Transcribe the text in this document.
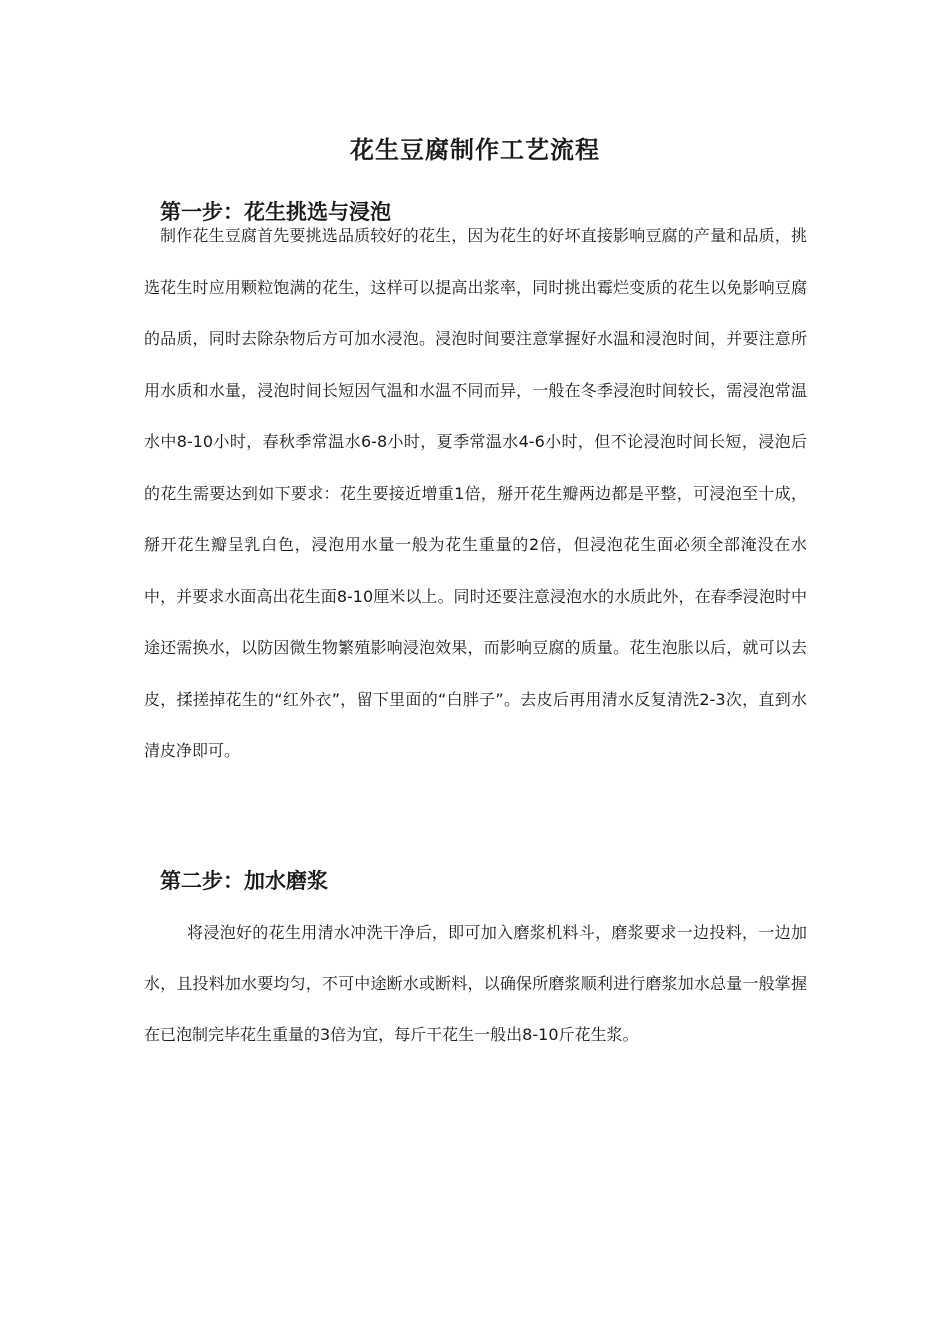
花生豆腐制作工艺流程
第一步：花生挑选与浸泡

制作花生豆腐首先要挑选品质较好的花生，因为花生的好坏直接影响豆腐的产量和品质，挑选花生时应用颗粒饱满的花生，这样可以提高出浆率，同时挑出霉烂变质的花生以免影响豆腐的品质，同时去除杂物后方可加水浸泡。浸泡时间要注意掌握好水温和浸泡时间，并要注意所用水质和水量，浸泡时间长短因气温和水温不同而异，一般在冬季浸泡时间较长，需浸泡常温水中8-10小时，春秋季常温水6-8小时，夏季常温水4-6小时，但不论浸泡时间长短，浸泡后的花生需要达到如下要求：花生要接近增重1倍，掰开花生瓣两边都是平整，可浸泡至十成，掰开花生瓣呈乳白色，浸泡用水量一般为花生重量的2倍，但浸泡花生面必须全部淹没在水中，并要求水面高出花生面8-10厘米以上。同时还要注意浸泡水的水质此外，在春季浸泡时中途还需换水，以防因微生物繁殖影响浸泡效果，而影响豆腐的质量。花生泡胀以后，就可以去皮，揉搓掉花生的“红外衣”，留下里面的“白胖子”。去皮后再用清水反复清洗2-3次，直到水清皮净即可。

第二步：加水磨浆

将浸泡好的花生用清水冲洗干净后，即可加入磨浆机料斗，磨浆要求一边投料，一边加水，且投料加水要均匀，不可中途断水或断料，以确保所磨浆顺利进行磨浆加水总量一般掌握在已泡制完毕花生重量的3倍为宜，每斤干花生一般出8-10斤花生浆。
